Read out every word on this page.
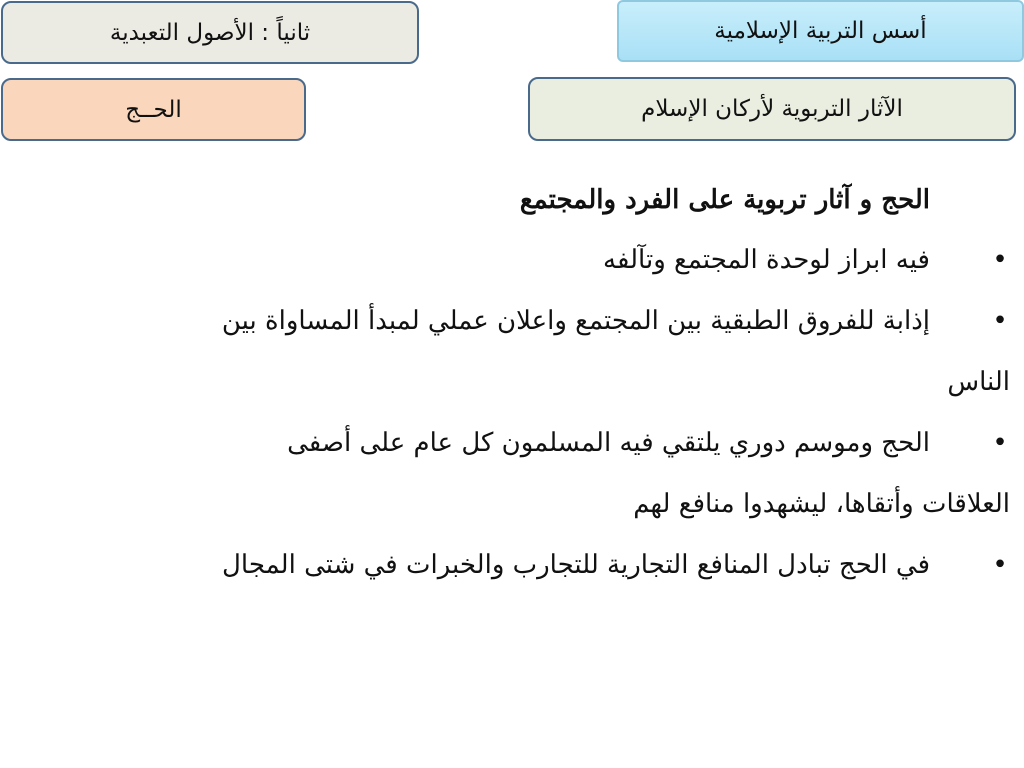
أسس التربية الإسلامية
ثانياً : الأصول التعبدية
الآثار التربوية لأركان الإسلام
الحــج
الحج و آثار تربوية على الفرد والمجتمع
•
فيه ابراز لوحدة المجتمع وتآلفه
•
إذابة للفروق الطبقية بين المجتمع واعلان عملي لمبدأ المساواة بين
الناس
•
الحج وموسم دوري يلتقي فيه المسلمون كل عام على أصفى
العلاقات وأتقاها، ليشهدوا منافع لهم
•
في الحج تبادل المنافع التجارية للتجارب والخبرات في شتى المجال
